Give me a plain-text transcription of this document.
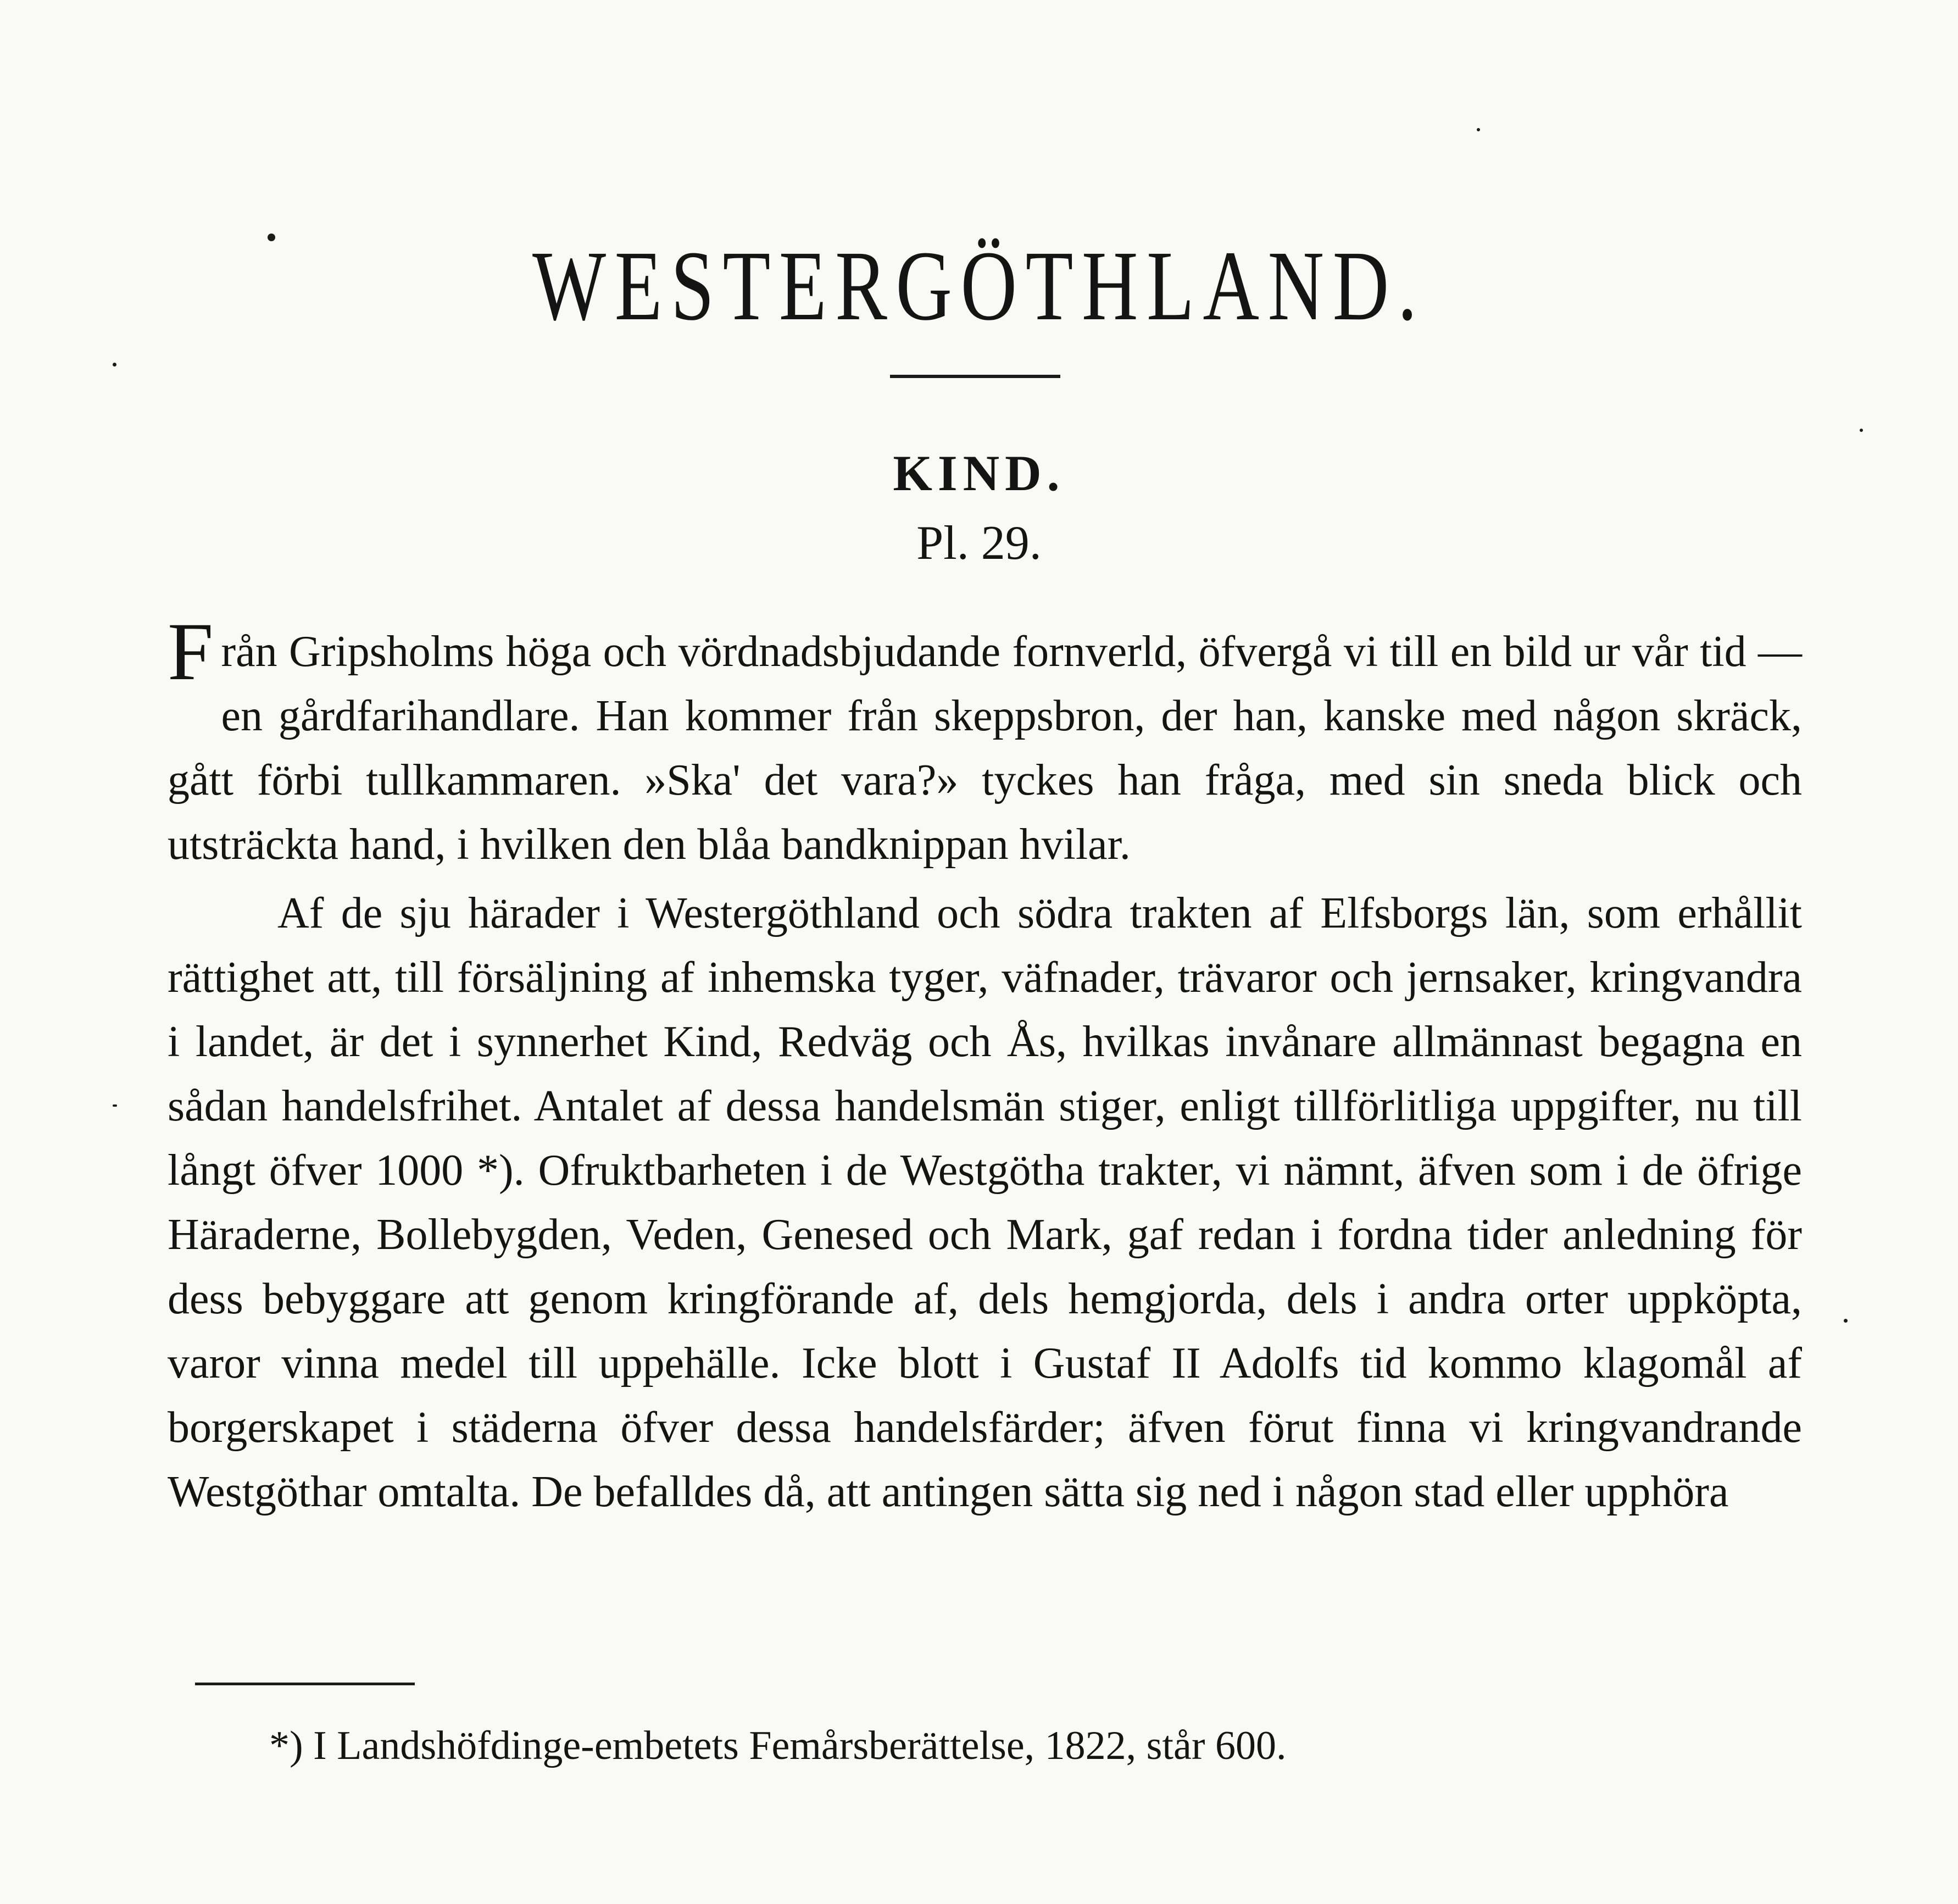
WESTERGÖTHLAND.
KIND.
Pl. 29.

Från Gripsholms höga och vördnadsbjudande fornverld, öfvergå vi till en bild ur vår tid — en gårdfarihandlare. Han kommer från skeppsbron, der han, kanske med någon skräck, gått förbi tullkammaren. »Ska' det vara?» tyckes han fråga, med sin sneda blick och utsträckta hand, i hvilken den blåa bandknippan hvilar.

Af de sju härader i Westergöthland och södra trakten af Elfsborgs län, som erhållit rättighet att, till försäljning af inhemska tyger, väfnader, trävaror och jernsaker, kringvandra i landet, är det i synnerhet Kind, Redväg och Ås, hvilkas invånare allmännast begagna en sådan handelsfrihet. Antalet af dessa handelsmän stiger, enligt tillförlitliga uppgifter, nu till långt öfver 1000 *). Ofruktbarheten i de Westgötha trakter, vi nämnt, äfven som i de öfrige Häraderne, Bollebygden, Veden, Genesed och Mark, gaf redan i fordna tider anledning för dess bebyggare att genom kringförande af, dels hemgjorda, dels i andra orter uppköpta, varor vinna medel till uppehälle. Icke blott i Gustaf II Adolfs tid kommo klagomål af borgerskapet i städerna öfver dessa handelsfärder; äfven förut finna vi kringvandrande Westgöthar omtalta. De befalldes då, att antingen sätta sig ned i någon stad eller upphöra

*) I Landshöfdinge-embetets Femårsberättelse, 1822, står 600.
